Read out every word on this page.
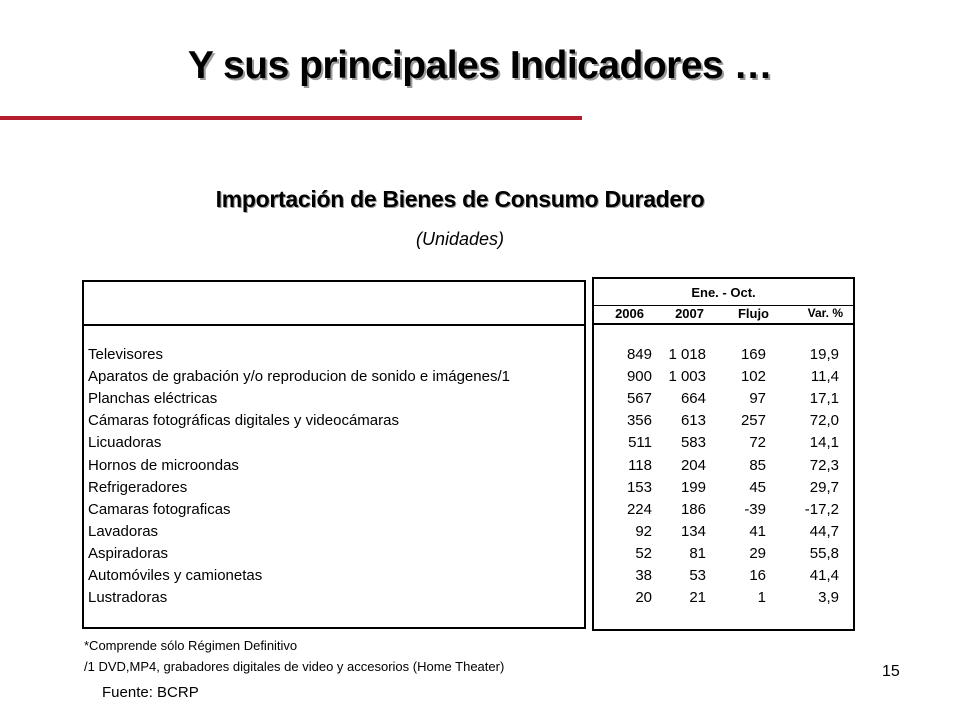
Y sus principales Indicadores …
Importación de Bienes de Consumo Duradero
(Unidades)
Ene. - Oct.
2006	2007	Flujo	Var. %
Televisores	849	1 018	169	19,9
Aparatos de grabación y/o reproducion de sonido e imágenes/1	900	1 003	102	11,4
Planchas eléctricas	567	664	97	17,1
Cámaras fotográficas digitales y videocámaras	356	613	257	72,0
Licuadoras	511	583	72	14,1
Hornos de microondas	118	204	85	72,3
Refrigeradores	153	199	45	29,7
Camaras fotograficas	224	186	-39	-17,2
Lavadoras	92	134	41	44,7
Aspiradoras	52	81	29	55,8
Automóviles y camionetas	38	53	16	41,4
Lustradoras	20	21	1	3,9
*Comprende sólo Régimen Definitivo
/1 DVD,MP4, grabadores digitales de video y accesorios (Home Theater)
Fuente: BCRP
15
